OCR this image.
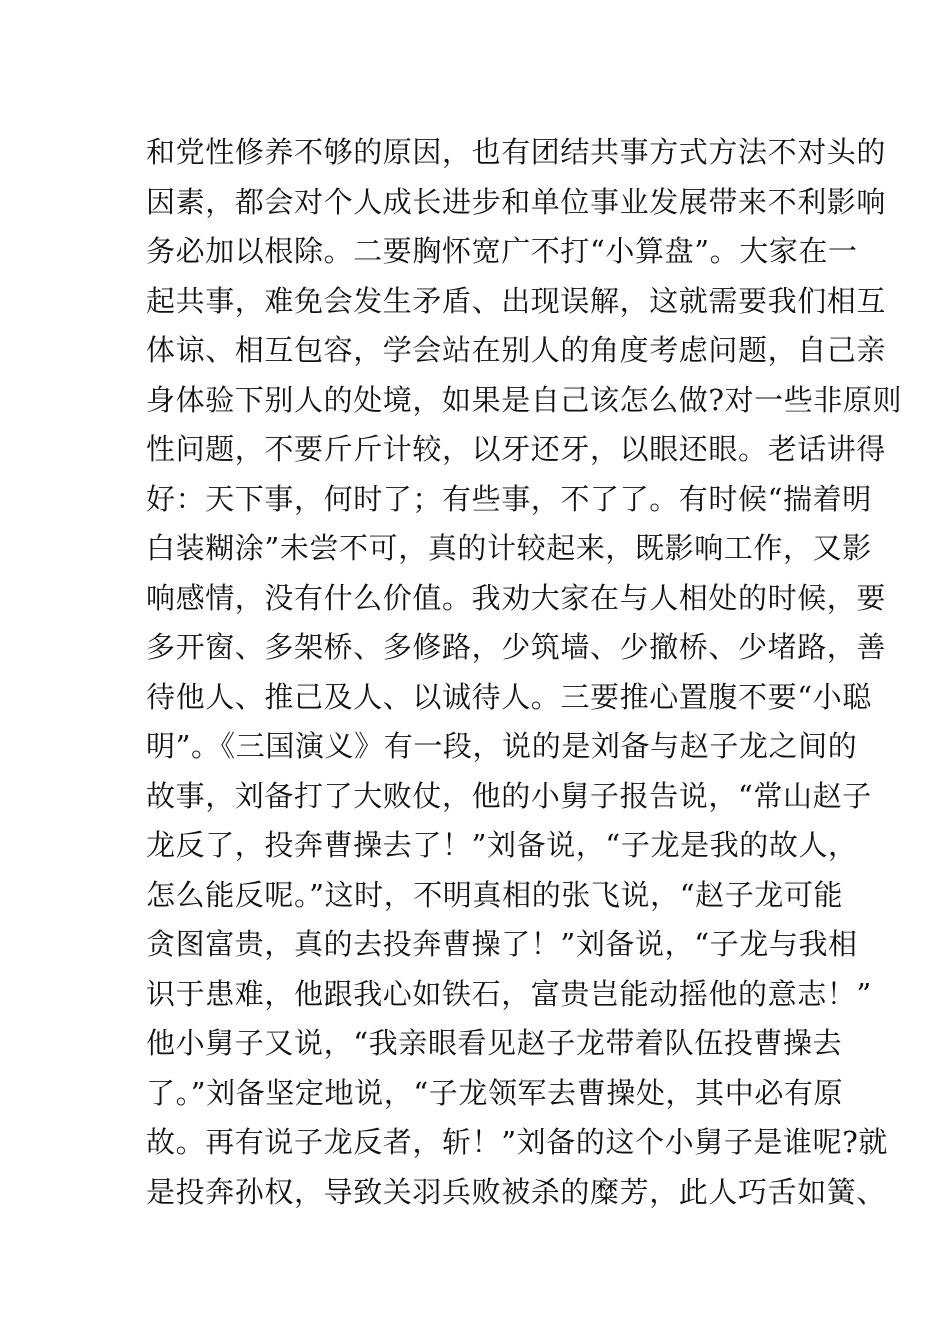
和党性修养不够的原因，也有团结共事方式方法不对头的
因素，都会对个人成长进步和单位事业发展带来不利影响
务必加以根除。二要胸怀宽广不打“小算盘”。大家在一
起共事，难免会发生矛盾、出现误解，这就需要我们相互
体谅、相互包容，学会站在别人的角度考虑问题，自己亲
身体验下别人的处境，如果是自己该怎么做?对一些非原则
性问题，不要斤斤计较，以牙还牙，以眼还眼。老话讲得
好：天下事，何时了；有些事，不了了。有时候“揣着明
白装糊涂”未尝不可，真的计较起来，既影响工作，又影
响感情，没有什么价值。我劝大家在与人相处的时候，要
多开窗、多架桥、多修路，少筑墙、少撤桥、少堵路，善
待他人、推己及人、以诚待人。三要推心置腹不要“小聪
明”。《三国演义》有一段，说的是刘备与赵子龙之间的
故事，刘备打了大败仗，他的小舅子报告说，“常山赵子
龙反了，投奔曹操去了！”刘备说，“子龙是我的故人，
怎么能反呢。”这时，不明真相的张飞说，“赵子龙可能
贪图富贵，真的去投奔曹操了！”刘备说，“子龙与我相
识于患难，他跟我心如铁石，富贵岂能动摇他的意志！”
他小舅子又说，“我亲眼看见赵子龙带着队伍投曹操去
了。”刘备坚定地说，“子龙领军去曹操处，其中必有原
故。再有说子龙反者，斩！”刘备的这个小舅子是谁呢?就
是投奔孙权，导致关羽兵败被杀的糜芳，此人巧舌如簧、
